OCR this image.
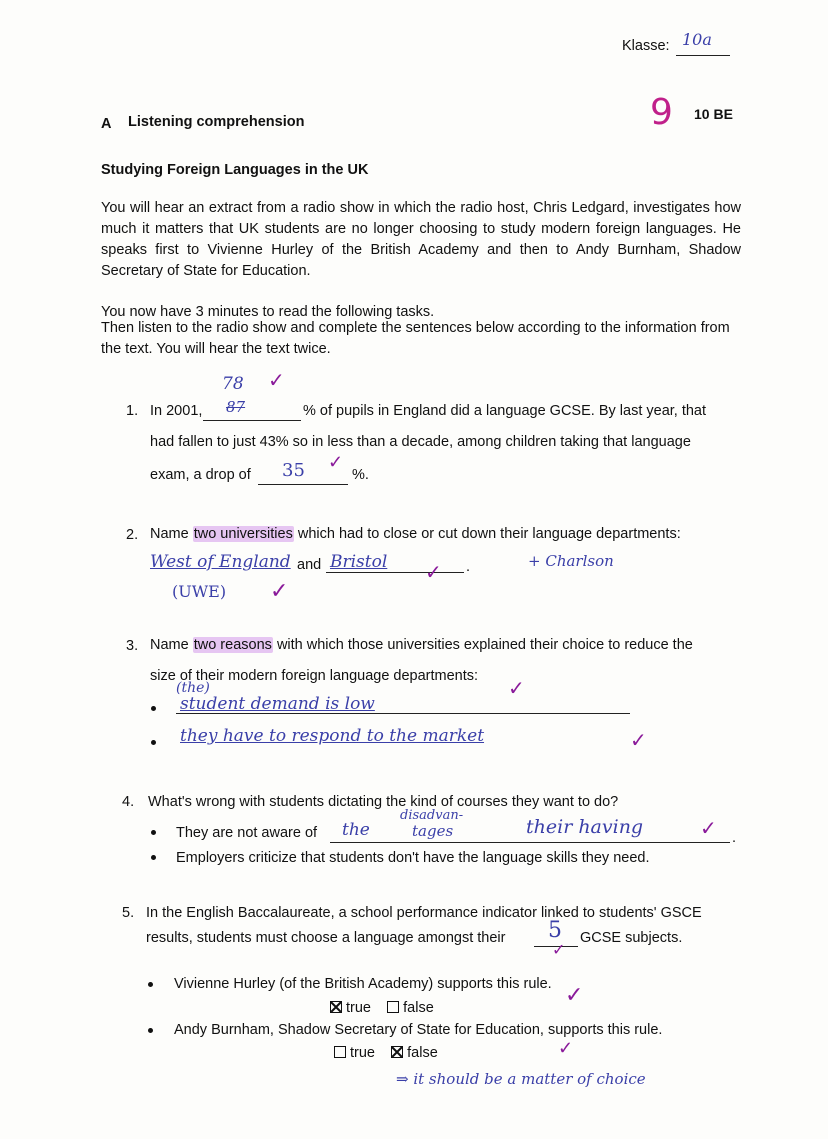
Klasse: 10a
9 10 BE
A Listening comprehension
Studying Foreign Languages in the UK
You will hear an extract from a radio show in which the radio host, Chris Ledgard, investigates how much it matters that UK students are no longer choosing to study modern foreign languages. He speaks first to Vivienne Hurley of the British Academy and then to Andy Burnham, Shadow Secretary of State for Education.
You now have 3 minutes to read the following tasks.
Then listen to the radio show and complete the sentences below according to the information from the text. You will hear the text twice.
78 ✓
1. In 2001, 87	% of pupils in England did a language GCSE. By last year, that
had fallen to just 43% so in less than a decade, among children taking that language
exam, a drop of 35 ✓
%.
2. Name two universities which had to close or cut down their language departments:
West of England and Bristol	.	+ Charlson
✓
(UWE) ✓
3. Name two reasons with which those universities explained their choice to reduce the
size of their modern foreign language departments:
(the)
student demand is low
✓
they have to respond to the market	✓
4. What's wrong with students dictating the kind of courses they want to do?
disadvan-
They are not aware of the	tages	their having	✓ .
Employers criticize that students don't have the language skills they need.
5. In the English Baccalaureate, a school performance indicator linked to students' GSCE
results, students must choose a language amongst their 5 GCSE subjects.
✓
Vivienne Hurley (of the British Academy) supports this rule. ✓
true false
Andy Burnham, Shadow Secretary of State for Education, supports this rule.
true false	✓
⇒ it should be a matter of choice
